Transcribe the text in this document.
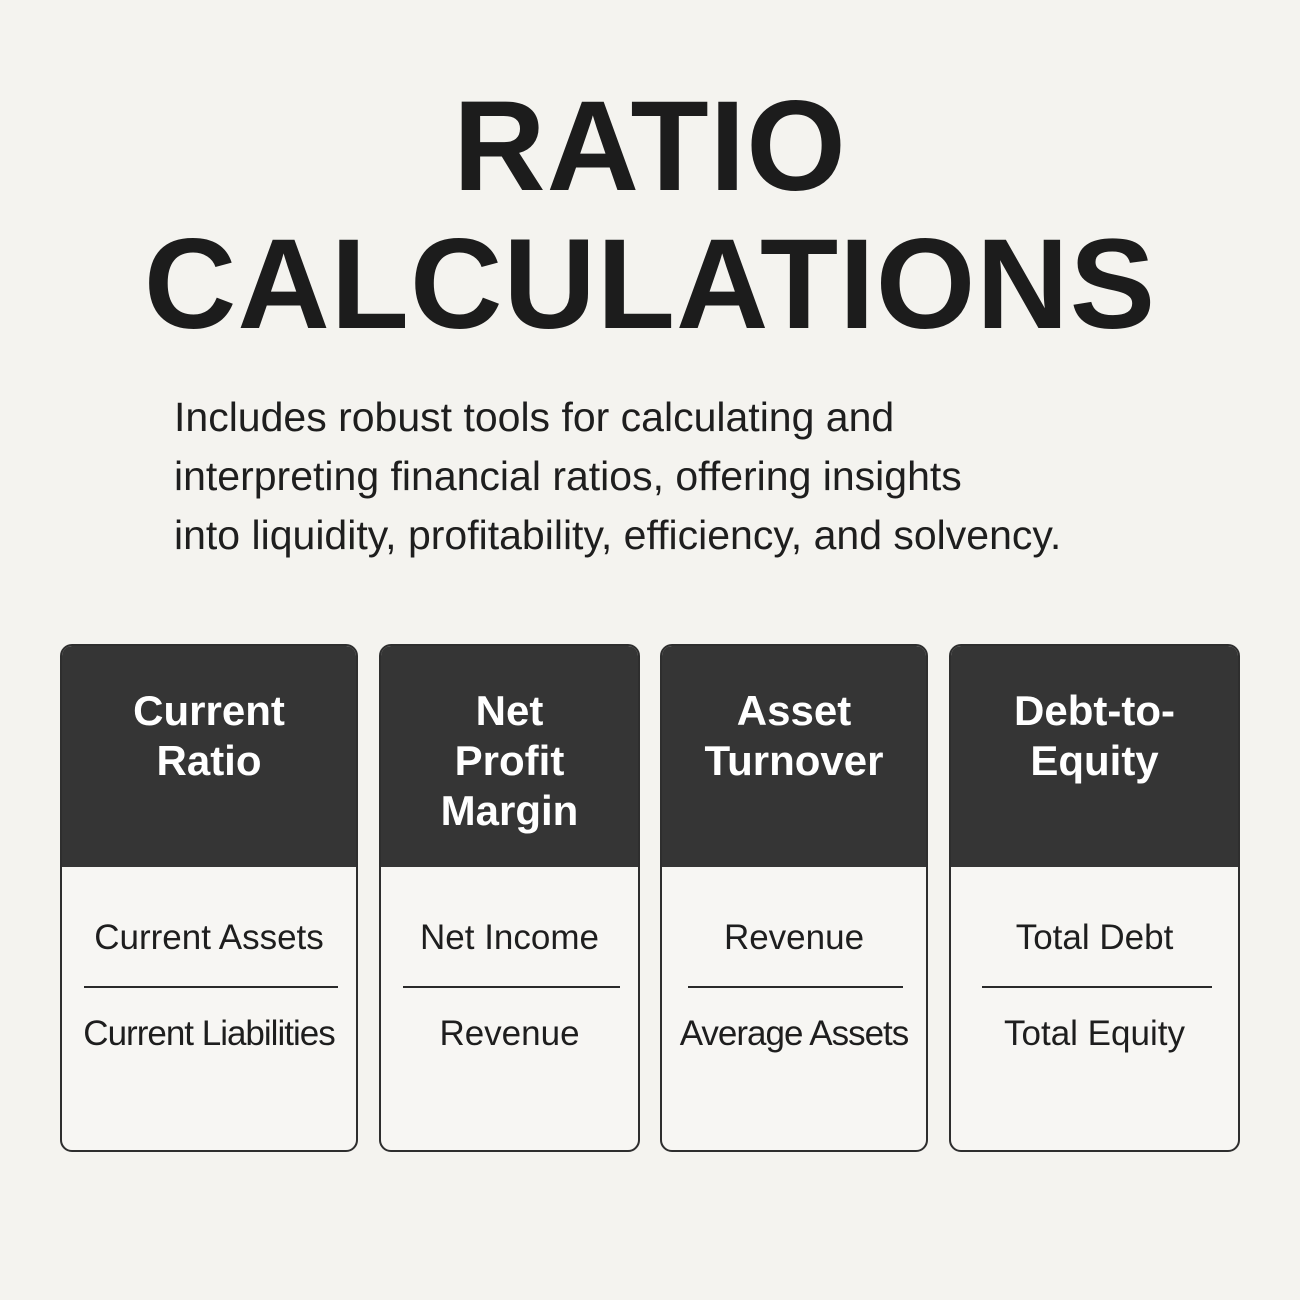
RATIO
CALCULATIONS
Includes robust tools for calculating and
interpreting financial ratios, offering insights
into liquidity, profitability, efficiency, and solvency.
Current
Ratio
Current Assets
Current Liabilities
Net
Profit
Margin
Net Income
Revenue
Asset
Turnover
Revenue
Average Assets
Debt-to-
Equity
Total Debt
Total Equity
